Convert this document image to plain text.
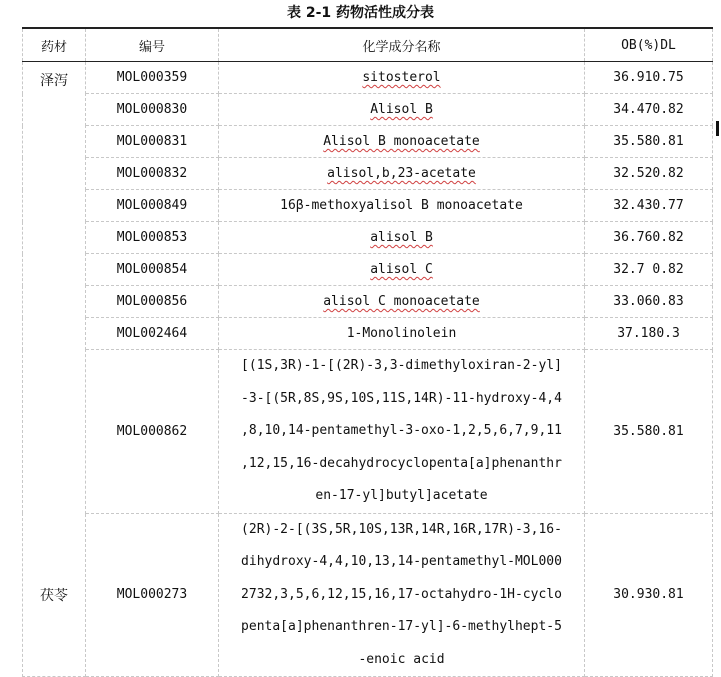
表 2-1 药物活性成分表
药材	编号	化学成分名称	OB(%)DL
泽泻	MOL000359	sitosterol	36.910.75
	MOL000830	Alisol B	34.470.82
	MOL000831	Alisol B monoacetate	35.580.81
	MOL000832	alisol,b,23-acetate	32.520.82
	MOL000849	16β-methoxyalisol B monoacetate	32.430.77
	MOL000853	alisol B	36.760.82
	MOL000854	alisol C	32.7 0.82
	MOL000856	alisol C monoacetate	33.060.83
	MOL002464	1-Monolinolein	37.180.3
	MOL000862	[(1S,3R)-1-[(2R)-3,3-dimethyloxiran-2-yl]
-3-[(5R,8S,9S,10S,11S,14R)-11-hydroxy-4,4
,8,10,14-pentamethyl-3-oxo-1,2,5,6,7,9,11
,12,15,16-decahydrocyclopenta[a]phenanthr
en-17-yl]butyl]acetate	35.580.81
茯苓	MOL000273	(2R)-2-[(3S,5R,10S,13R,14R,16R,17R)-3,16-
dihydroxy-4,4,10,13,14-pentamethyl-MOL000
2732,3,5,6,12,15,16,17-octahydro-1H-cyclo
penta[a]phenanthren-17-yl]-6-methylhept-5
-enoic acid	30.930.81
